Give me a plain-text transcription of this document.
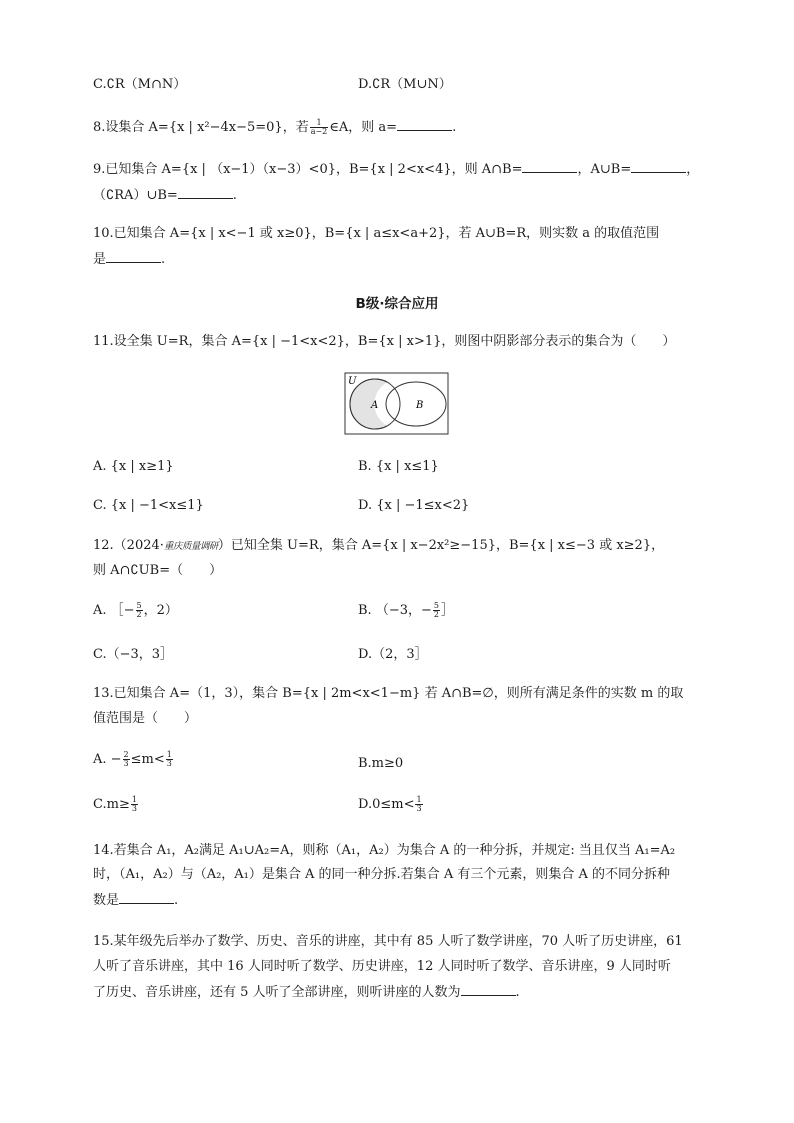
C.∁R（M∩N）	D.∁R（M∪N）
8.设集合 A={x | x²−4x−5=0}，若 $\frac{1}{a-2}$ ∈A，则 a=	.
9.已知集合 A={x | （x−1）（x−3）<0}，B={x | 2<x<4}，则 A∩B=	，A∪B=	，
（∁RA）∪B=	.
10.已知集合 A={x | x<−1 或 x≥0}，B={x | a≤x<a+2}，若 A∪B=R，则实数 a 的取值范围
是	.
B级·综合应用
11.设全集 U=R，集合 A={x | −1<x<2}，B={x | x>1}，则图中阴影部分表示的集合为（　　）
U
A	B
A. {x | x≥1}	B. {x | x≤1}
C. {x | −1<x≤1}	D. {x | −1≤x<2}
12.（2024·重庆质量调研）已知全集 U=R，集合 A={x | x−2x²≥−15}，B={x | x≤−3 或 x≥2}，
则 A∩∁UB=（　　）
A. ［− $\frac{5}{2}$ ，2）	B. （−3，− $\frac{5}{2}$ ］
C.（−3，3］	D.（2，3］
13.已知集合 A=（1，3），集合 B={x | 2m<x<1−m} 若 A∩B=∅，则所有满足条件的实数 m 的取
值范围是（　　）
A. − $\frac{2}{3} \le m< \frac{1}{3}$	B.m≥0
$C.m\ge \frac{1}{3}$	$D.0\le m< \frac{1}{3}$
14.若集合 A₁，A₂满足 A₁∪A₂=A，则称（A₁，A₂）为集合 A 的一种分拆，并规定: 当且仅当 A₁=A₂
时，（A₁，A₂）与（A₂，A₁）是集合 A 的同一种分拆.若集合 A 有三个元素，则集合 A 的不同分拆种
数是	.
15.某年级先后举办了数学、历史、音乐的讲座，其中有 85 人听了数学讲座，70 人听了历史讲座，61
人听了音乐讲座，其中 16 人同时听了数学、历史讲座，12 人同时听了数学、音乐讲座，9 人同时听
了历史、音乐讲座，还有 5 人听了全部讲座，则听讲座的人数为	.
